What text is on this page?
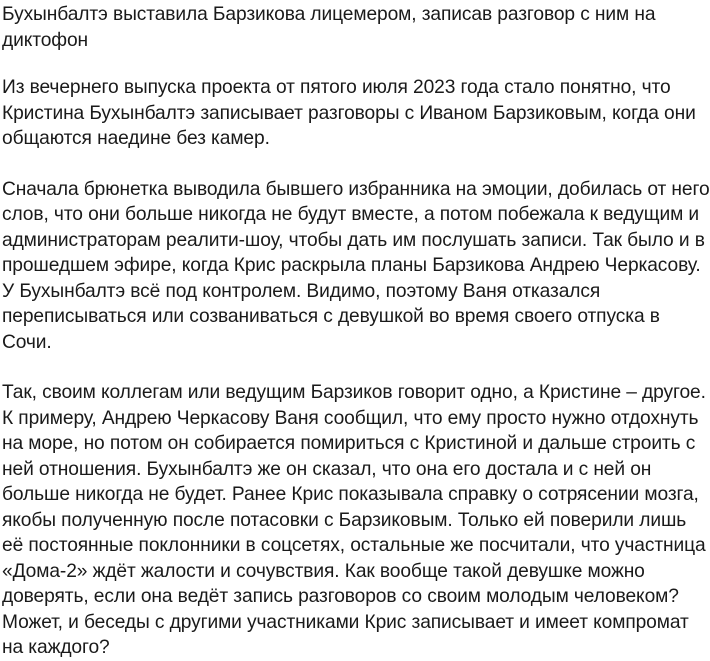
Бухынбалтэ выставила Барзикова лицемером, записав разговор с ним на диктофон

Из вечернего выпуска проекта от пятого июля 2023 года стало понятно, что Кристина Бухынбалтэ записывает разговоры с Иваном Барзиковым, когда они общаются наедине без камер.

Сначала брюнетка выводила бывшего избранника на эмоции, добилась от него слов, что они больше никогда не будут вместе, а потом побежала к ведущим и администраторам реалити-шоу, чтобы дать им послушать записи. Так было и в прошедшем эфире, когда Крис раскрыла планы Барзикова Андрею Черкасову. У Бухынбалтэ всё под контролем. Видимо, поэтому Ваня отказался переписываться или созваниваться с девушкой во время своего отпуска в Сочи.

Так, своим коллегам или ведущим Барзиков говорит одно, а Кристине – другое. К примеру, Андрею Черкасову Ваня сообщил, что ему просто нужно отдохнуть на море, но потом он собирается помириться с Кристиной и дальше строить с ней отношения. Бухынбалтэ же он сказал, что она его достала и с ней он больше никогда не будет. Ранее Крис показывала справку о сотрясении мозга, якобы полученную после потасовки с Барзиковым. Только ей поверили лишь её постоянные поклонники в соцсетях, остальные же посчитали, что участница «Дома-2» ждёт жалости и сочувствия. Как вообще такой девушке можно доверять, если она ведёт запись разговоров со своим молодым человеком? Может, и беседы с другими участниками Крис записывает и имеет компромат на каждого?
